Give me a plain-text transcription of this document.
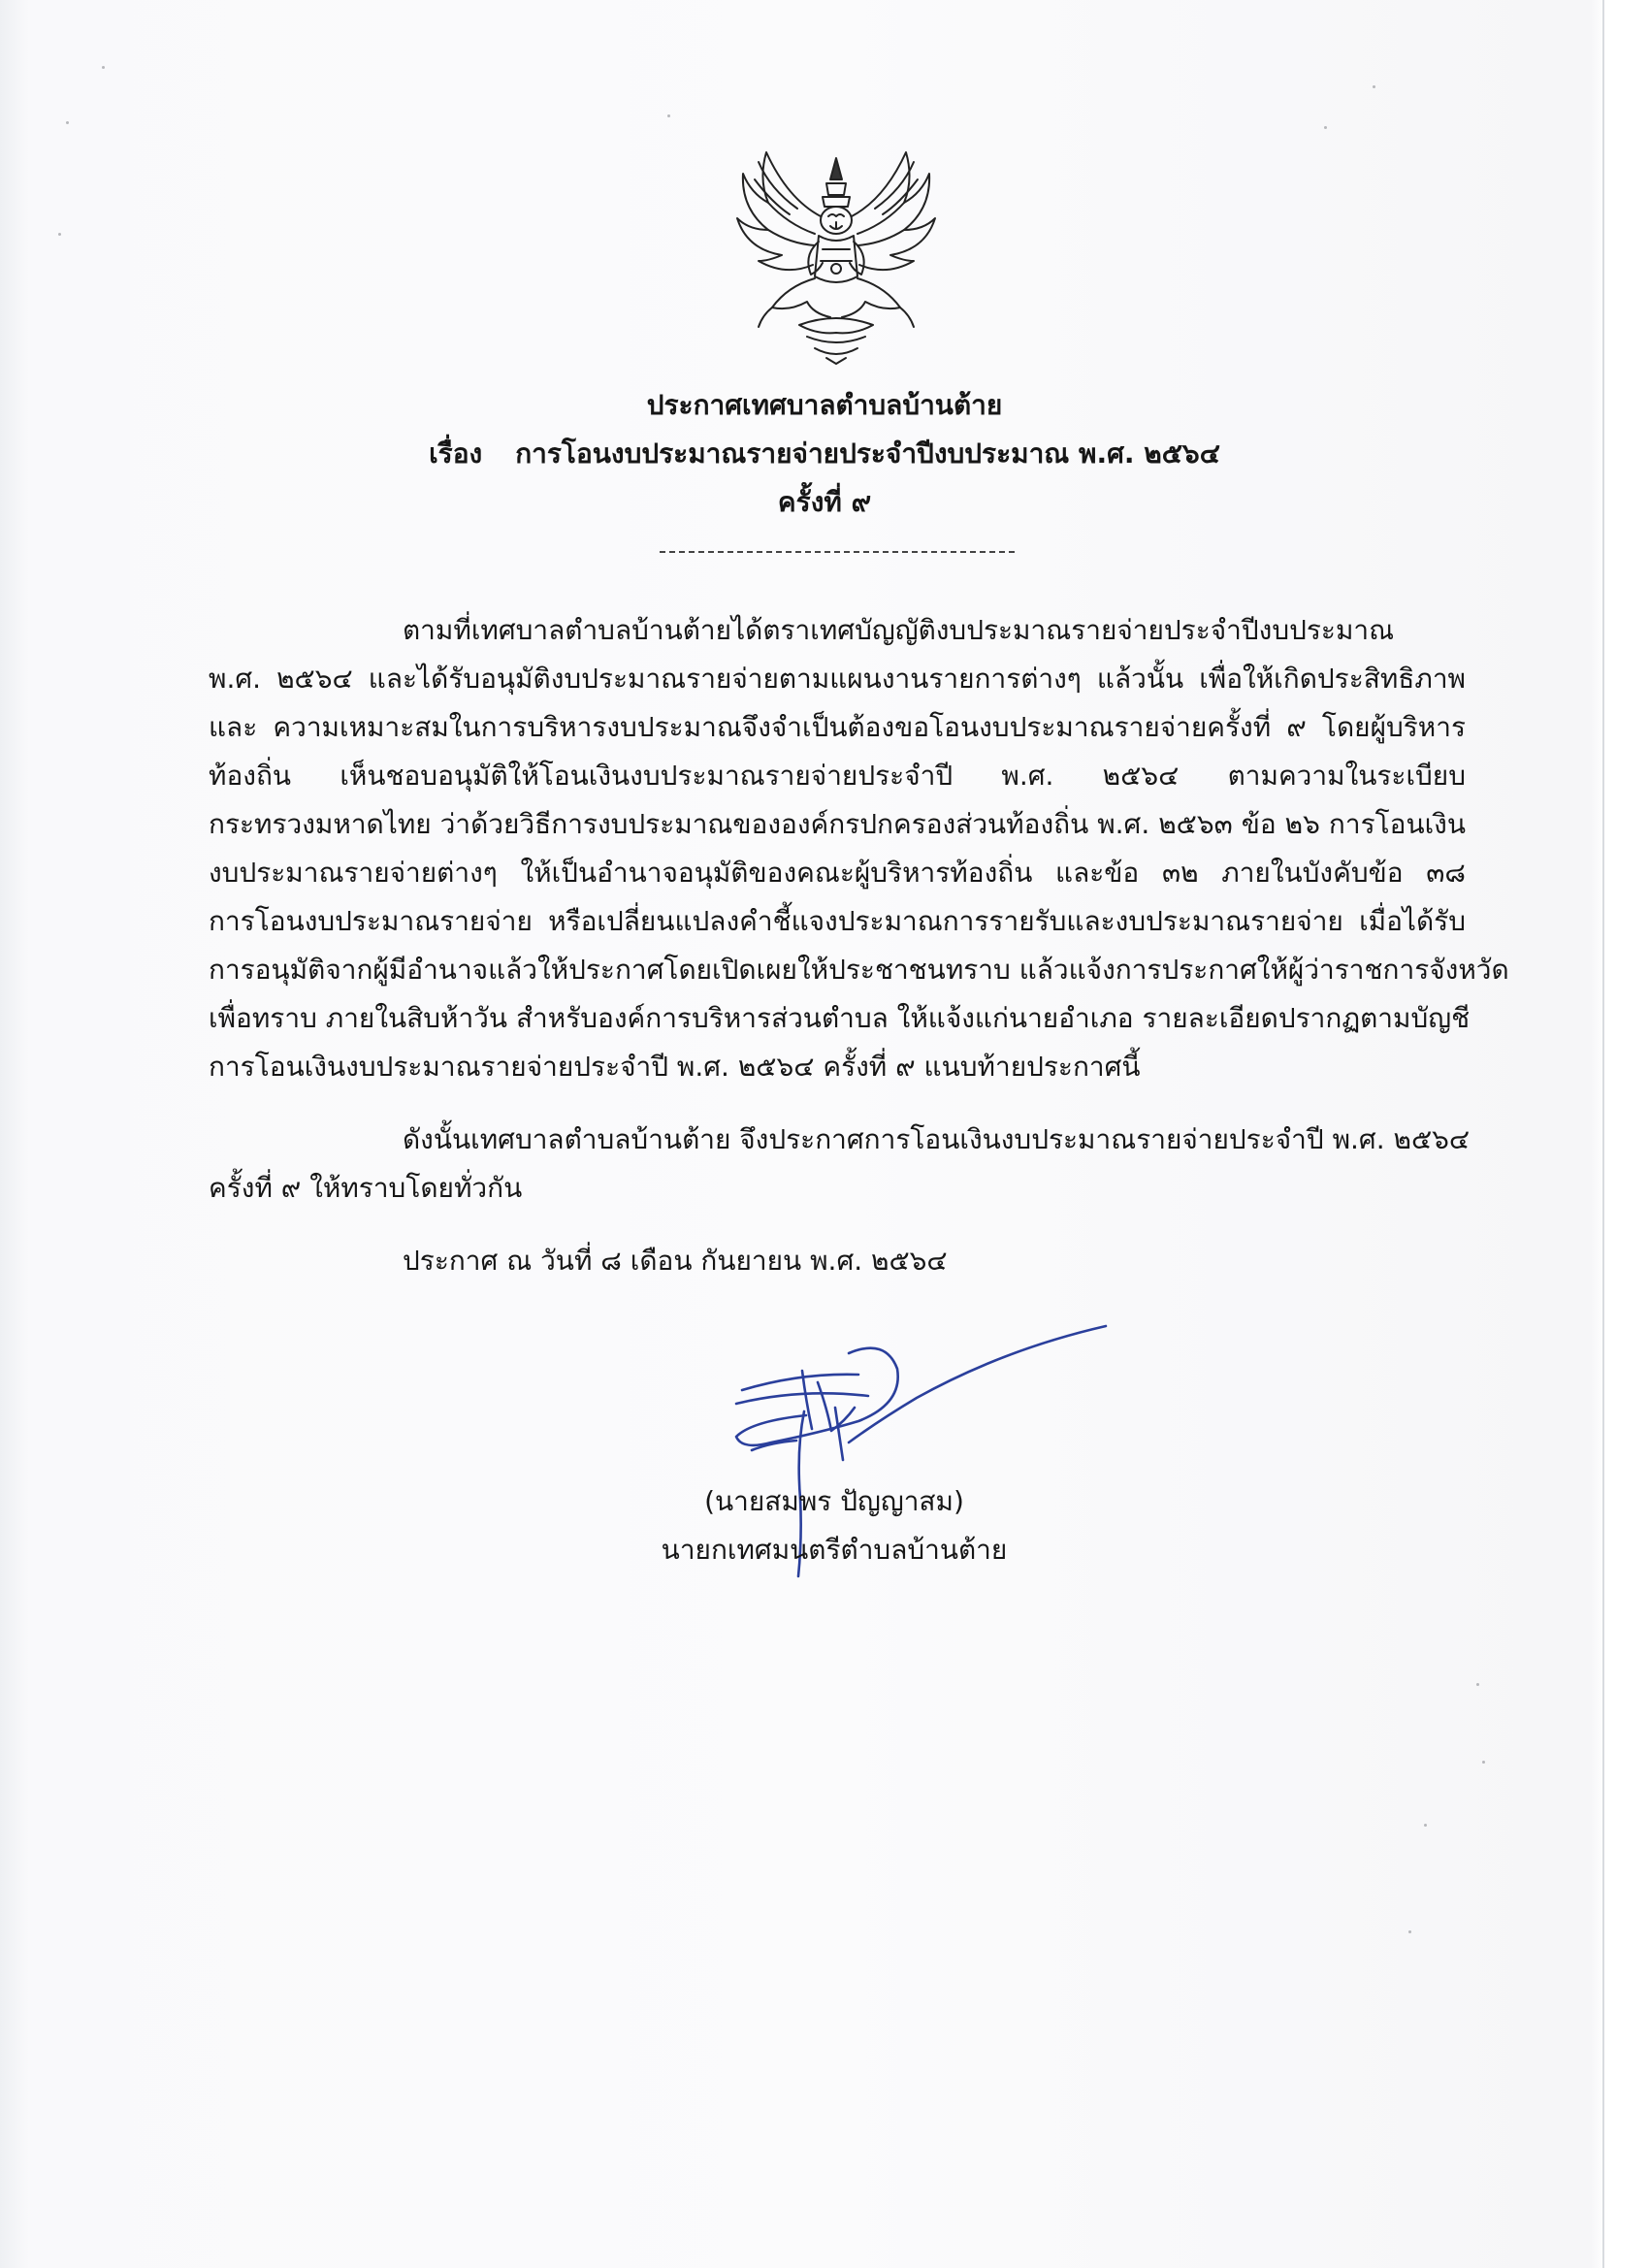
ประกาศเทศบาลตำบลบ้านต้าย
เรื่อง การโอนงบประมาณรายจ่ายประจำปีงบประมาณ พ.ศ. ๒๕๖๔
ครั้งที่ ๙
ตามที่เทศบาลตำบลบ้านต้ายได้ตราเทศบัญญัติงบประมาณรายจ่ายประจำปีงบประมาณ
พ.ศ. ๒๕๖๔ และได้รับอนุมัติงบประมาณรายจ่ายตามแผนงานรายการต่างๆ แล้วนั้น เพื่อให้เกิดประสิทธิภาพ
และ ความเหมาะสมในการบริหารงบประมาณจึงจำเป็นต้องขอโอนงบประมาณรายจ่ายครั้งที่ ๙ โดยผู้บริหาร
ท้องถิ่น เห็นชอบอนุมัติให้โอนเงินงบประมาณรายจ่ายประจำปี พ.ศ. ๒๕๖๔ ตามความในระเบียบ
กระทรวงมหาดไทย ว่าด้วยวิธีการงบประมาณขององค์กรปกครองส่วนท้องถิ่น พ.ศ. ๒๕๖๓ ข้อ ๒๖ การโอนเงิน
งบประมาณรายจ่ายต่างๆ ให้เป็นอำนาจอนุมัติของคณะผู้บริหารท้องถิ่น และข้อ ๓๒ ภายในบังคับข้อ ๓๘
การโอนงบประมาณรายจ่าย หรือเปลี่ยนแปลงคำชี้แจงประมาณการรายรับและงบประมาณรายจ่าย เมื่อได้รับ
การอนุมัติจากผู้มีอำนาจแล้วให้ประกาศโดยเปิดเผยให้ประชาชนทราบ แล้วแจ้งการประกาศให้ผู้ว่าราชการจังหวัด
เพื่อทราบ ภายในสิบห้าวัน สำหรับองค์การบริหารส่วนตำบล ให้แจ้งแก่นายอำเภอ รายละเอียดปรากฏตามบัญชี
การโอนเงินงบประมาณรายจ่ายประจำปี พ.ศ. ๒๕๖๔ ครั้งที่ ๙ แนบท้ายประกาศนี้
ดังนั้นเทศบาลตำบลบ้านต้าย จึงประกาศการโอนเงินงบประมาณรายจ่ายประจำปี พ.ศ. ๒๕๖๔
ครั้งที่ ๙ ให้ทราบโดยทั่วกัน
ประกาศ ณ วันที่ ๘ เดือน กันยายน พ.ศ. ๒๕๖๔
(นายสมพร ปัญญาสม)
นายกเทศมนตรีตำบลบ้านต้าย
